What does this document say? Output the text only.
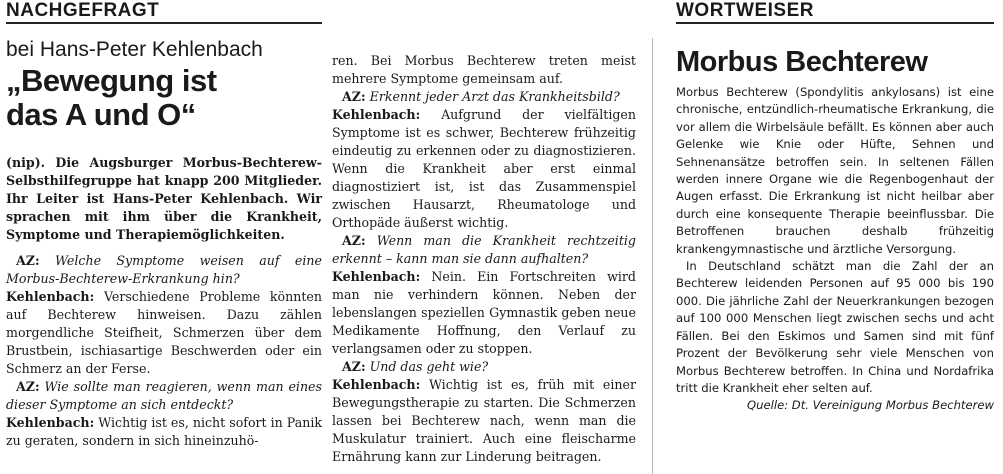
NACHGEFRAGT
bei Hans-Peter Kehlenbach
„Bewegung ist
das A und O“

(nip). Die Augsburger Morbus-Bechterew-Selbsthilfegruppe hat knapp 200 Mitglieder. Ihr Leiter ist Hans-Peter Kehlenbach. Wir sprachen mit ihm über die Krankheit, Symptome und Therapiemöglichkeiten.

AZ: Welche Symptome weisen auf eine Morbus-Bechterew-Erkrankung hin?

Kehlenbach: Verschiedene Probleme könnten auf Bechterew hinweisen. Dazu zählen morgendliche Steifheit, Schmerzen über dem Brustbein, ischiasartige Beschwerden oder ein Schmerz an der Ferse.

AZ: Wie sollte man reagieren, wenn man eines dieser Symptome an sich entdeckt?

Kehlenbach: Wichtig ist es, nicht sofort in Panik zu geraten, sondern in sich hineinzuhö-

ren. Bei Morbus Bechterew treten meist mehrere Symptome gemeinsam auf.

AZ: Erkennt jeder Arzt das Krankheitsbild?

Kehlenbach: Aufgrund der vielfältigen Symptome ist es schwer, Bechterew frühzeitig eindeutig zu erkennen oder zu diagnostizieren. Wenn die Krankheit aber erst einmal diagnostiziert ist, ist das Zusammenspiel zwischen Hausarzt, Rheumatologe und Orthopäde äußerst wichtig.

AZ: Wenn man die Krankheit rechtzeitig erkennt – kann man sie dann aufhalten?

Kehlenbach: Nein. Ein Fortschreiten wird man nie verhindern können. Neben der lebenslangen speziellen Gymnastik geben neue Medikamente Hoffnung, den Verlauf zu verlangsamen oder zu stoppen.

AZ: Und das geht wie?

Kehlenbach: Wichtig ist es, früh mit einer Bewegungstherapie zu starten. Die Schmerzen lassen bei Bechterew nach, wenn man die Muskulatur trainiert. Auch eine fleischarme Ernährung kann zur Linderung beitragen.

WORTWEISER
Morbus Bechterew

Morbus Bechterew (Spondylitis ankylosans) ist eine chronische, entzündlich-rheumatische Erkrankung, die vor allem die Wirbelsäule befällt. Es können aber auch Gelenke wie Knie oder Hüfte, Sehnen und Sehnenansätze betroffen sein. In seltenen Fällen werden innere Organe wie die Regenbogenhaut der Augen erfasst. Die Erkrankung ist nicht heilbar aber durch eine konsequente Therapie beeinflussbar. Die Betroffenen brauchen deshalb frühzeitig krankengymnastische und ärztliche Versorgung.

In Deutschland schätzt man die Zahl der an Bechterew leidenden Personen auf 95 000 bis 190 000. Die jährliche Zahl der Neuerkrankungen bezogen auf 100 000 Menschen liegt zwischen sechs und acht Fällen. Bei den Eskimos und Samen sind mit fünf Prozent der Bevölkerung sehr viele Menschen von Morbus Bechterew betroffen. In China und Nordafrika tritt die Krankheit eher selten auf.

Quelle: Dt. Vereinigung Morbus Bechterew
